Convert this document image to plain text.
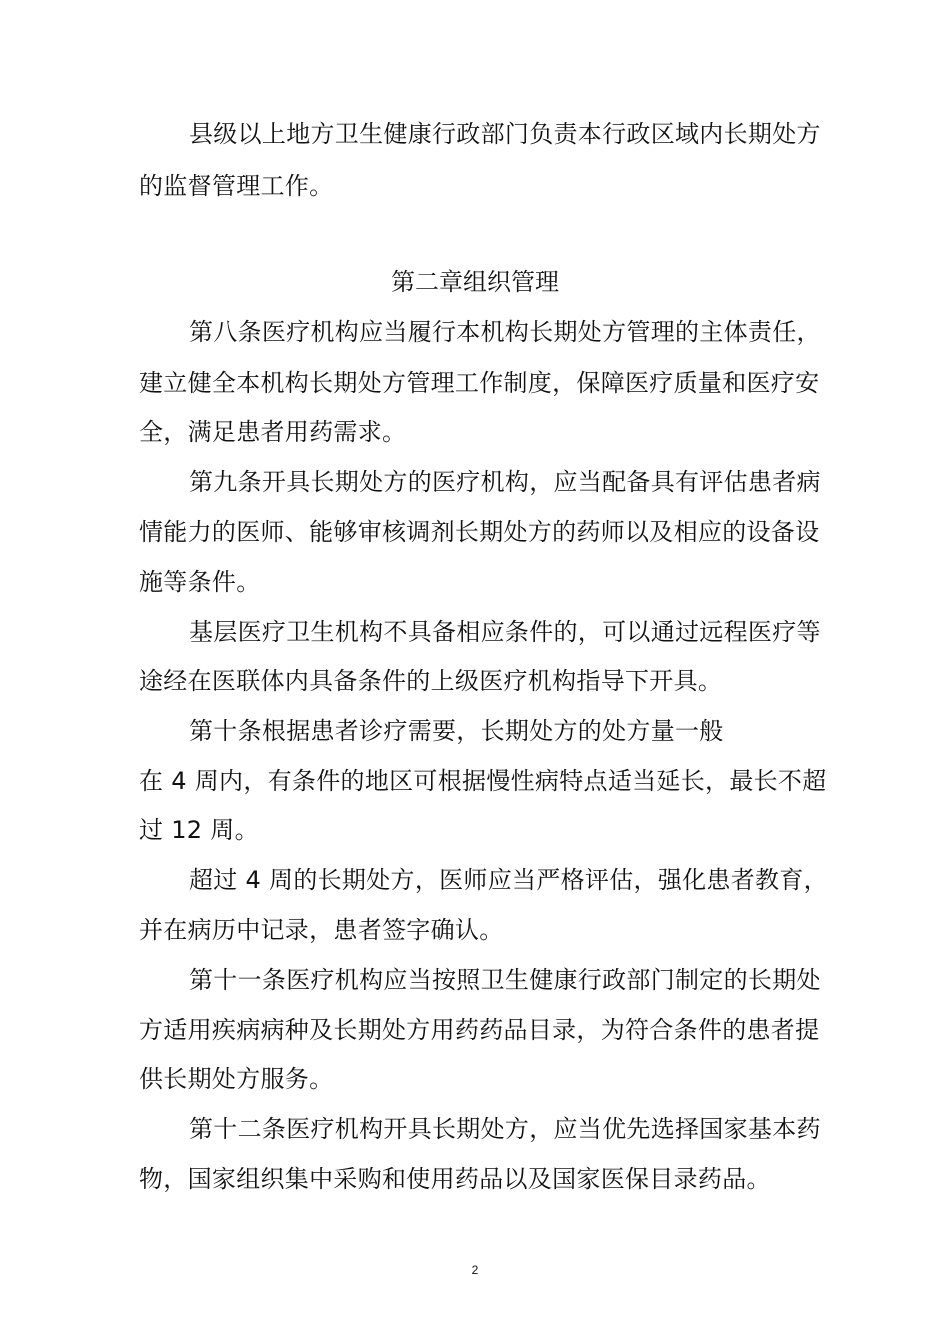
县级以上地方卫生健康行政部门负责本行政区域内长期处方
的监督管理工作。
第二章组织管理
第八条医疗机构应当履行本机构长期处方管理的主体责任，
建立健全本机构长期处方管理工作制度，保障医疗质量和医疗安
全，满足患者用药需求。
第九条开具长期处方的医疗机构，应当配备具有评估患者病
情能力的医师、能够审核调剂长期处方的药师以及相应的设备设
施等条件。
基层医疗卫生机构不具备相应条件的，可以通过远程医疗等
途经在医联体内具备条件的上级医疗机构指导下开具。
第十条根据患者诊疗需要，长期处方的处方量一般
在 4 周内，有条件的地区可根据慢性病特点适当延长，最长不超
过 12 周。
超过 4 周的长期处方，医师应当严格评估，强化患者教育，
并在病历中记录，患者签字确认。
第十一条医疗机构应当按照卫生健康行政部门制定的长期处
方适用疾病病种及长期处方用药药品目录，为符合条件的患者提
供长期处方服务。
第十二条医疗机构开具长期处方，应当优先选择国家基本药
物，国家组织集中采购和使用药品以及国家医保目录药品。
2
